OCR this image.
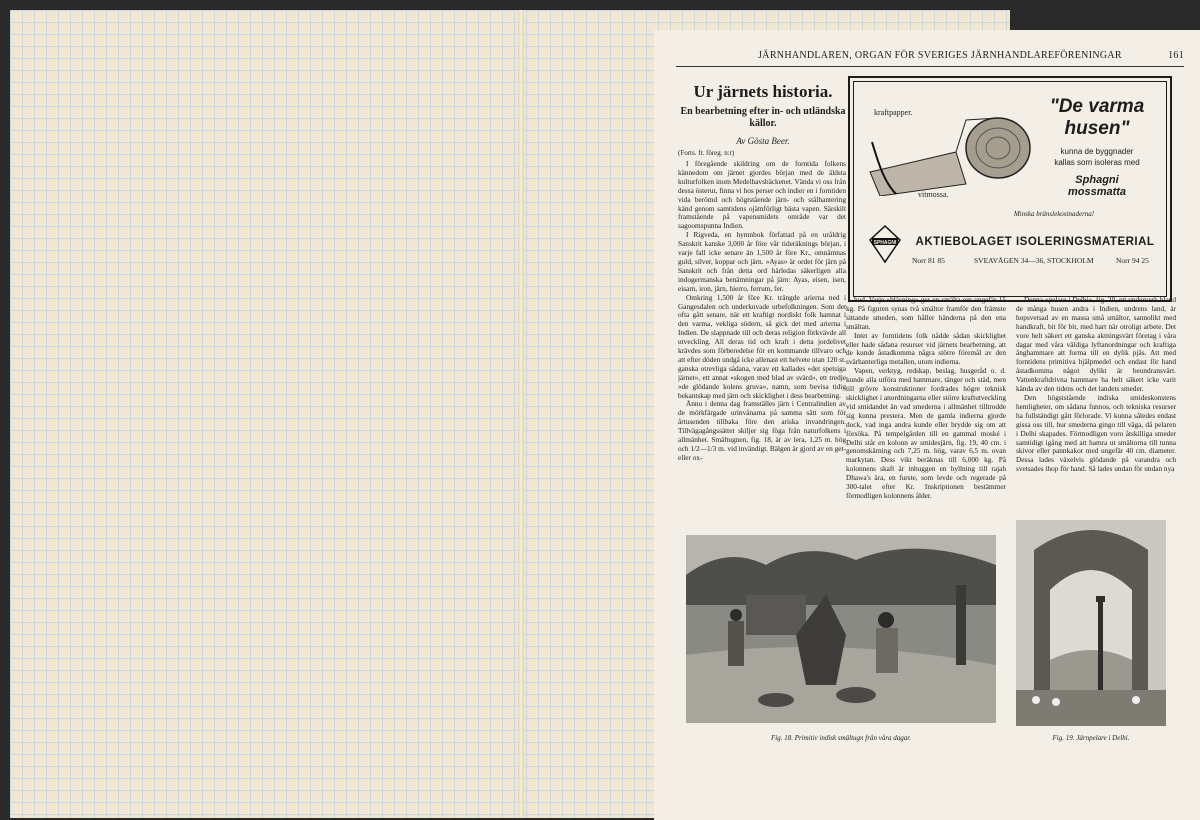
JÄRNHANDLAREN, ORGAN FÖR SVERIGES JÄRNHANDLAREFÖRENINGAR	161
Ur järnets historia.
En bearbetning efter in- och utländska källor.
Av Gösta Beer.
(Forts. fr. föreg. n:r)

I föregående skildring om de forntida folkens kännedom om järnet gjordes början med de äldsta kulturfolken inom Medelhavsbäckenet. Vända vi oss från dessa österut, finna vi hos perser och indier en i forntiden vida berömd och högtstående järn- och stålhantering känd genom samtidens ojämförligt bästa vapen. Särskilt framstående på vapensmidets område var det sagoomspunna Indien.

I Rigveda, en hymnbok författad på en uråldrig Sanskrit kanske 3,000 år före vår tideräknings början, i varje fall icke senare än 1,500 år före Kr., omnämnas guld, silver, koppar och järn. »Ayas» är ordet för järn på Sanskrit och från detta ord härledas säkerligen alla indogermanska benämningar på järn: Ayas, eisen, isen, eisarn, iron, järn, hierro, ferrum, fer.

Omkring 1,500 år före Kr. trängde arierna ned i Gangesdalen och underkuvade urbefolkningen. Som det ofta gått senare, när ett kraftigt nordiskt folk hamnat i den varma, vekliga södern, så gick det med arierna i Indien. De slappnade till och deras religion förkvävde all utveckling. All deras tid och kraft i detta jordelivet krävdes som förberedelse för en kommande tillvaro och att efter döden undgå icke allenast ett helvete utan 120 st. ganska otrevliga sådana, varav ett kallades »det spetsiga järnet», ett annat »skogen med blad av svärd», ett tredje »de glödande kolens gruva», namn, som bevisa tidig bekantskap med järn och skicklighet i dess bearbetning.

Ännu i denna dag framställes järn i Centralindien av de mörkfärgade urinvånarna på samma sätt som för årtusenden tillbaka före den ariska invandringen. Tillvägagångssättet skiljer sig föga från naturfolkens i allmänhet. Smältugnen, fig. 18, är av lera, 1,25 m. hög och 1/2—1/3 m. vid invändigt. Bälgen är gjord av en get- eller ox-

kraftpapper.
vitmossa.
"De varma
husen"
kunna de byggnader
kallas som isoleras med
Sphagni
mossmatta
Minska bränslekostnaderna!
SPHAGNI	AKTIEBOLAGET ISOLERINGSMATERIAL
Norr 81 85	SVEAVÄGEN 34—36, STOCKHOLM	Norr 94 25

hud. Varje »blåsning» ger en smälta om ungefär 15 kg. På figuren synas två smältor framför den främste sittande smeden, som håller händerna på den ena smältan.

Intet av forntidens folk nådde sådan skicklighet eller hade sådana resurser vid järnets bearbetning, att de kunde åstadkomma några större föremål av den svärhanterliga metallen, utom indierna.

Vapen, verktyg, redskap, beslag, husgeråd o. d. kunde alla utföra med hammare, tänger och städ, men till grövre konstruktioner fordrades högre teknisk skicklighet i anordningarna eller större kraftutveckling vid smidandet än vad smederna i allmänhet tilltrodde sig kunna prestera. Men de gamla indierna gjorde dock, vad inga andra kunde eller brydde sig om att försöka. På tempelgården till en gammal moské i Delhi står en kolonn av smidesjärn, fig. 19, 40 cm. i genomskärning och 7,25 m. hög, varav 6,5 m. ovan markytan. Dess vikt beräknas till 6,000 kg. På kolonnens skaft är inhuggen en hyllning till rajah Dhawa's ära, en furste, som levde och regerade på 300-talet efter Kr. Inskriptionen bestämmer förmodligen kolonnens ålder.

Denna »pelare i Delhi», fig. 20, ett underverk bland de många husen andra i Indien, undrens land, är hopsvetsad av en massa små smältor, sannolikt med handkraft, bit för bit, med hart när otroligt arbete. Det vore helt säkert ett ganska aktningsvärt företag i våra dagar med våra väldiga lyftanordningar och kraftiga ånghammare att forma till en dylik pjäs. Att med forntidens primitiva hjälpmedel och endast för hand åstadkomma något dylikt är beundransvärt. Vattenkraftdrivna hammare ha helt säkert icke varit kända av den tidens och det landets smeder.

Den högststående indiska smideskonstens hemligheter, om sådana funnos, och tekniska resurser ha fullständigt gått förlorade. Vi kunna således endast gissa oss till, hur smederna gingo till väga, då pelaren i Delhi skapades. Förmodligen voro åtskilliga smeder samtidigt igång med att hamra ut smältorna till tunna skivor eller pannkakor med ungefär 40 cm. diameter. Dessa lades växelvis glödande på varandra och svetsades ihop för hand. Så lades undan för undan nya

Fig. 18. Primitiv indisk smältugn från våra dagar.	Fig. 19. Järnpelare i Delhi.
